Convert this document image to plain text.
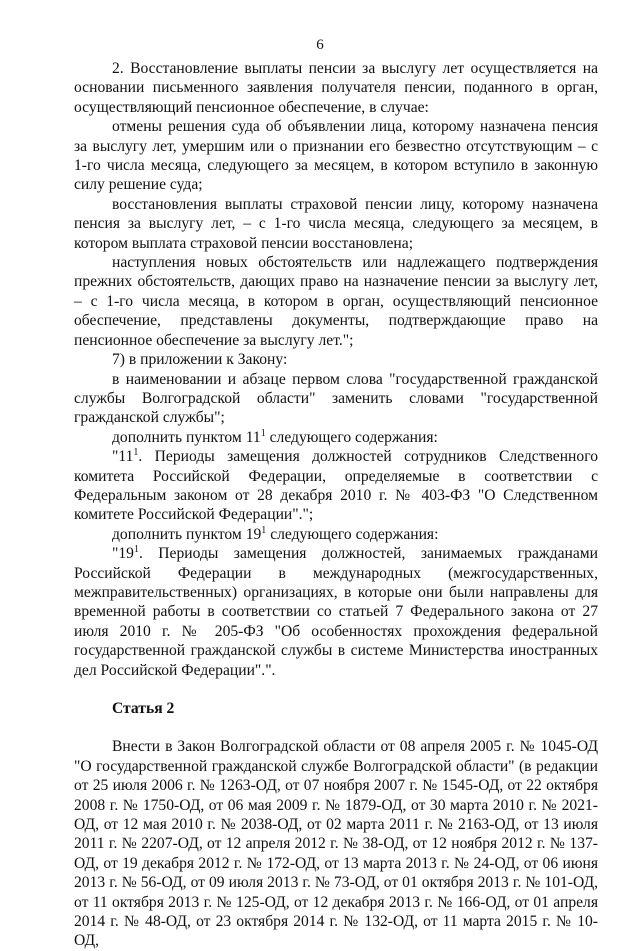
6

2. Восстановление выплаты пенсии за выслугу лет осуществляется на основании письменного заявления получателя пенсии, поданного в орган, осуществляющий пенсионное обеспечение, в случае:

отмены решения суда об объявлении лица, которому назначена пенсия за выслугу лет, умершим или о признании его безвестно отсутствующим – с 1-го числа месяца, следующего за месяцем, в котором вступило в законную силу решение суда;

восстановления выплаты страховой пенсии лицу, которому назначена пенсия за выслугу лет, – с 1-го числа месяца, следующего за месяцем, в котором выплата страховой пенсии восстановлена;

наступления новых обстоятельств или надлежащего подтверждения прежних обстоятельств, дающих право на назначение пенсии за выслугу лет, – с 1-го числа месяца, в котором в орган, осуществляющий пенсионное обеспечение, представлены документы, подтверждающие право на пенсионное обеспечение за выслугу лет.";

7) в приложении к Закону:

в наименовании и абзаце первом слова "государственной гражданской службы Волгоградской области" заменить словами "государственной гражданской службы";

дополнить пунктом $11^1$ следующего содержания:

"$11^1$. Периоды замещения должностей сотрудников Следственного комитета Российской Федерации, определяемые в соответствии с Федеральным законом от 28 декабря 2010 г. № 403-ФЗ "О Следственном комитете Российской Федерации".";

дополнить пунктом $19^1$ следующего содержания:

"$19^1$. Периоды замещения должностей, занимаемых гражданами Российской Федерации в международных (межгосударственных, межправительственных) организациях, в которые они были направлены для временной работы в соответствии со статьей 7 Федерального закона от 27 июля 2010 г. № 205-ФЗ "Об особенностях прохождения федеральной государственной гражданской службы в системе Министерства иностранных дел Российской Федерации".".

Статья 2

Внести в Закон Волгоградской области от 08 апреля 2005 г. № 1045-ОД "О государственной гражданской службе Волгоградской области" (в редакции от 25 июля 2006 г. № 1263-ОД, от 07 ноября 2007 г. № 1545-ОД, от 22 октября 2008 г. № 1750-ОД, от 06 мая 2009 г. № 1879-ОД, от 30 марта 2010 г. № 2021-ОД, от 12 мая 2010 г. № 2038-ОД, от 02 марта 2011 г. № 2163-ОД, от 13 июля 2011 г. № 2207-ОД, от 12 апреля 2012 г. № 38-ОД, от 12 ноября 2012 г. № 137-ОД, от 19 декабря 2012 г. № 172-ОД, от 13 марта 2013 г. № 24-ОД, от 06 июня 2013 г. № 56-ОД, от 09 июля 2013 г. № 73-ОД, от 01 октября 2013 г. № 101-ОД, от 11 октября 2013 г. № 125-ОД, от 12 декабря 2013 г. № 166-ОД, от 01 апреля 2014 г. № 48-ОД, от 23 октября 2014 г. № 132-ОД, от 11 марта 2015 г. № 10-ОД,
